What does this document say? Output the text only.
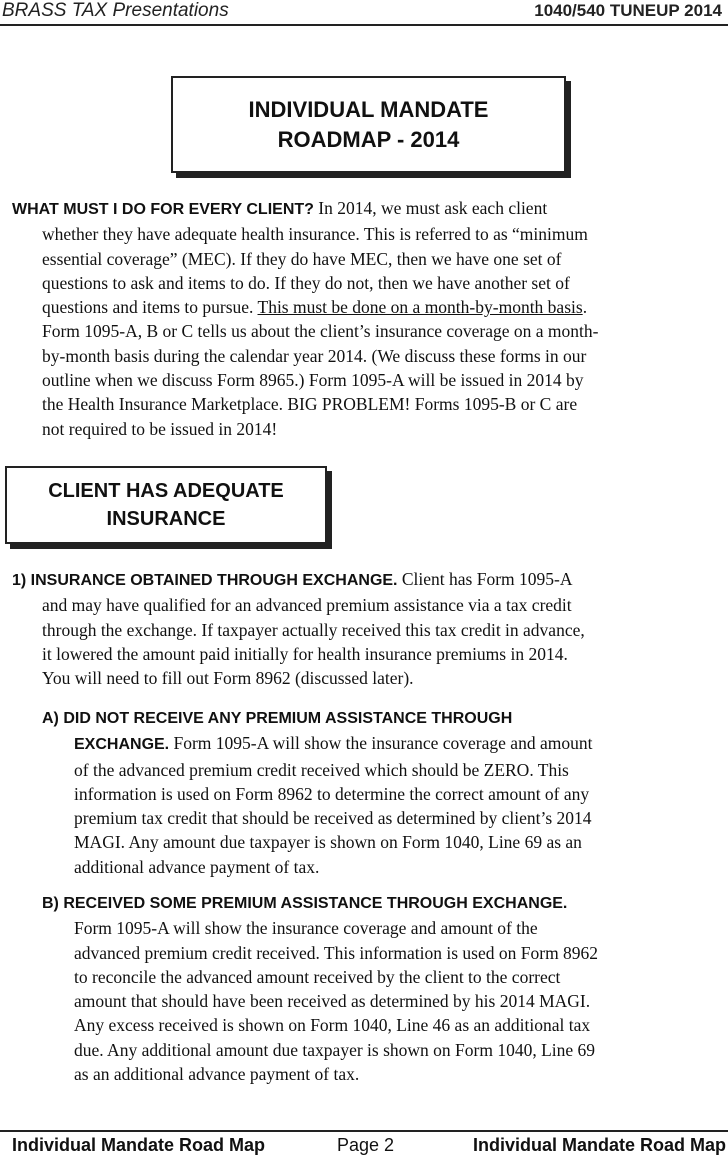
BRASS TAX Presentations	1040/540 TUNEUP 2014
INDIVIDUAL MANDATE
ROADMAP - 2014
WHAT MUST I DO FOR EVERY CLIENT? In 2014, we must ask each client
whether they have adequate health insurance. This is referred to as “minimum
essential coverage” (MEC). If they do have MEC, then we have one set of
questions to ask and items to do. If they do not, then we have another set of
questions and items to pursue. This must be done on a month-by-month basis.
Form 1095-A, B or C tells us about the client’s insurance coverage on a month-
by-month basis during the calendar year 2014. (We discuss these forms in our
outline when we discuss Form 8965.) Form 1095-A will be issued in 2014 by
the Health Insurance Marketplace. BIG PROBLEM! Forms 1095-B or C are
not required to be issued in 2014!
CLIENT HAS ADEQUATE
INSURANCE
1) INSURANCE OBTAINED THROUGH EXCHANGE. Client has Form 1095-A
and may have qualified for an advanced premium assistance via a tax credit
through the exchange. If taxpayer actually received this tax credit in advance,
it lowered the amount paid initially for health insurance premiums in 2014.
You will need to fill out Form 8962 (discussed later).
A) DID NOT RECEIVE ANY PREMIUM ASSISTANCE THROUGH
EXCHANGE. Form 1095-A will show the insurance coverage and amount
of the advanced premium credit received which should be ZERO. This
information is used on Form 8962 to determine the correct amount of any
premium tax credit that should be received as determined by client’s 2014
MAGI. Any amount due taxpayer is shown on Form 1040, Line 69 as an
additional advance payment of tax.
B) RECEIVED SOME PREMIUM ASSISTANCE THROUGH EXCHANGE.
Form 1095-A will show the insurance coverage and amount of the
advanced premium credit received. This information is used on Form 8962
to reconcile the advanced amount received by the client to the correct
amount that should have been received as determined by his 2014 MAGI.
Any excess received is shown on Form 1040, Line 46 as an additional tax
due. Any additional amount due taxpayer is shown on Form 1040, Line 69
as an additional advance payment of tax.
Individual Mandate Road Map	Page 2	Individual Mandate Road Map
